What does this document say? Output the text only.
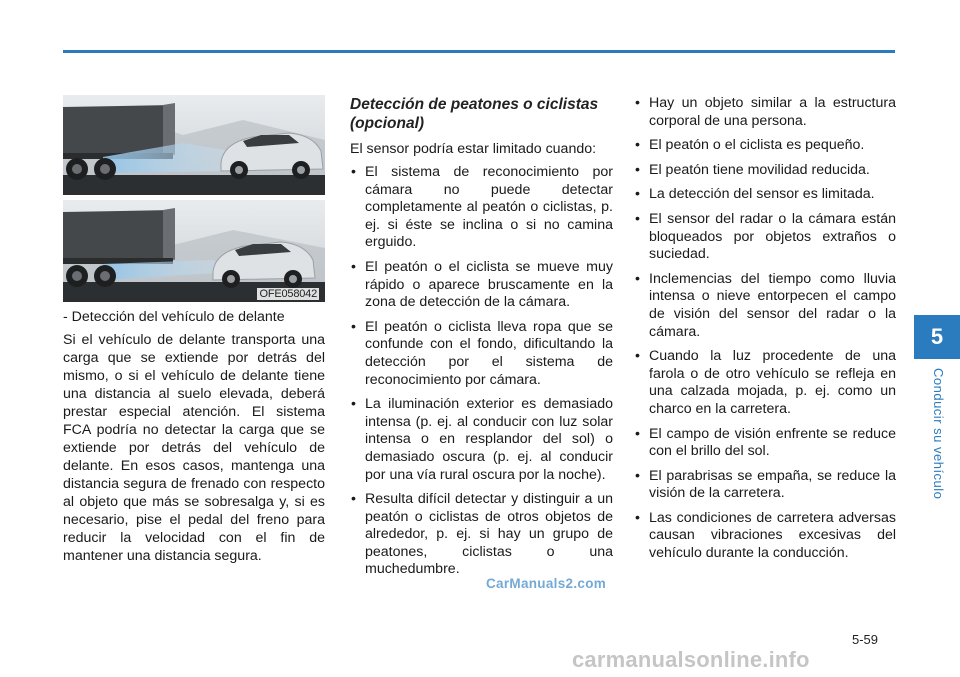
OFE058042
- Detección del vehículo de delante

Si el vehículo de delante transporta una carga que se extiende por detrás del mismo, o si el vehículo de delante tiene una distancia al suelo elevada, deberá prestar especial atención. El sistema FCA podría no detectar la carga que se extiende por detrás del vehículo de delante. En esos casos, mantenga una distancia segura de frenado con respecto al objeto que más se sobresalga y, si es necesario, pise el pedal del freno para reducir la velocidad con el fin de mantener una distancia segura.

Detección de peatones o ciclistas (opcional)

El sensor podría estar limitado cuando:

• El sistema de reconocimiento por cámara no puede detectar completamente al peatón o ciclistas, p. ej. si éste se inclina o si no camina erguido.
• El peatón o el ciclista se mueve muy rápido o aparece bruscamente en la zona de detección de la cámara.
• El peatón o ciclista lleva ropa que se confunde con el fondo, dificultando la detección por el sistema de reconocimiento por cámara.
• La iluminación exterior es demasiado intensa (p. ej. al conducir con luz solar intensa o en resplandor del sol) o demasiado oscura (p. ej. al conducir por una vía rural oscura por la noche).
• Resulta difícil detectar y distinguir a un peatón o ciclistas de otros objetos de alrededor, p. ej. si hay un grupo de peatones, ciclistas o una muchedumbre.
• Hay un objeto similar a la estructura corporal de una persona.
• El peatón o el ciclista es pequeño.
• El peatón tiene movilidad reducida.
• La detección del sensor es limitada.
• El sensor del radar o la cámara están bloqueados por objetos extraños o suciedad.
• Inclemencias del tiempo como lluvia intensa o nieve entorpecen el campo de visión del sensor del radar o la cámara.
• Cuando la luz procedente de una farola o de otro vehículo se refleja en una calzada mojada, p. ej. como un charco en la carretera.
• El campo de visión enfrente se reduce con el brillo del sol.
• El parabrisas se empaña, se reduce la visión de la carretera.
• Las condiciones de carretera adversas causan vibraciones excesivas del vehículo durante la conducción.
5
Conducir su vehículo
5-59
CarManuals2.com
carmanualsonline.info
